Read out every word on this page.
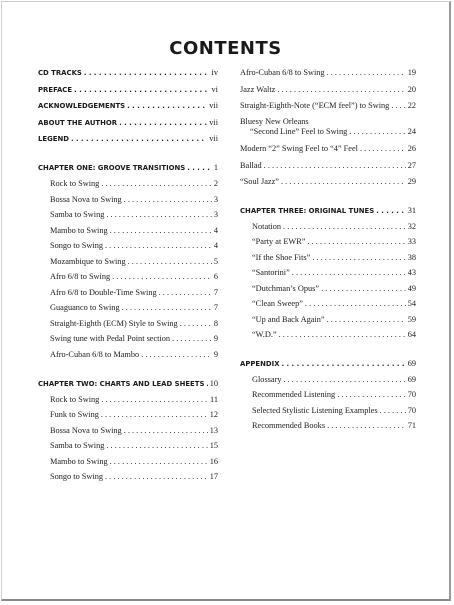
CONTENTS
CD TRACKS . . .	iv
PREFACE . . .	vi
ACKNOWLEDGEMENTS . . .	vii
ABOUT THE AUTHOR . . .	vii
LEGEND . . .	vii
CHAPTER ONE: GROOVE TRANSITIONS . . .	1
Rock to Swing . . .	2
Bossa Nova to Swing . . .	3
Samba to Swing . . .	3
Mambo to Swing . . .	4
Songo to Swing . . .	4
Mozambique to Swing . . .	5
Afro 6/8 to Swing . . .	6
Afro 6/8 to Double-Time Swing . . .	7
Guaguanco to Swing . . .	7
Straight-Eighth (ECM) Style to Swing . . .	8
Swing tune with Pedal Point section . . .	9
Afro-Cuban 6/8 to Mambo . . .	9
CHAPTER TWO: CHARTS AND LEAD SHEETS . . . 10
Rock to Swing . . .	11
Funk to Swing . . .	12
Bossa Nova to Swing . . .	13
Samba to Swing . . .	15
Mambo to Swing . . .	16
Songo to Swing . . .	17
Afro-Cuban 6/8 to Swing . . .	19
Jazz Waltz . . .	20
Straight-Eighth-Note (“ECM feel”) to Swing . . . 22
Bluesy New Orleans
“Second Line” Feel to Swing . . .	24
Modern “2” Swing Feel to “4” Feel . . .	26
Ballad . . .	27
“Soul Jazz” . . .	29
CHAPTER THREE: ORIGINAL TUNES . . .	31
Notation . . .	32
“Party at EWR” . . .	33
“If the Shoe Fits” . . .	38
“Santorini” . . .	43
“Dutchman’s Opus” . . .	49
“Clean Sweep” . . .	54
“Up and Back Again” . . .	59
“W.D.” . . .	64
APPENDIX . . .	69
Glossary . . .	69
Recommended Listening . . .	70
Selected Stylistic Listening Examples . . .	70
Recommended Books . . .	71
